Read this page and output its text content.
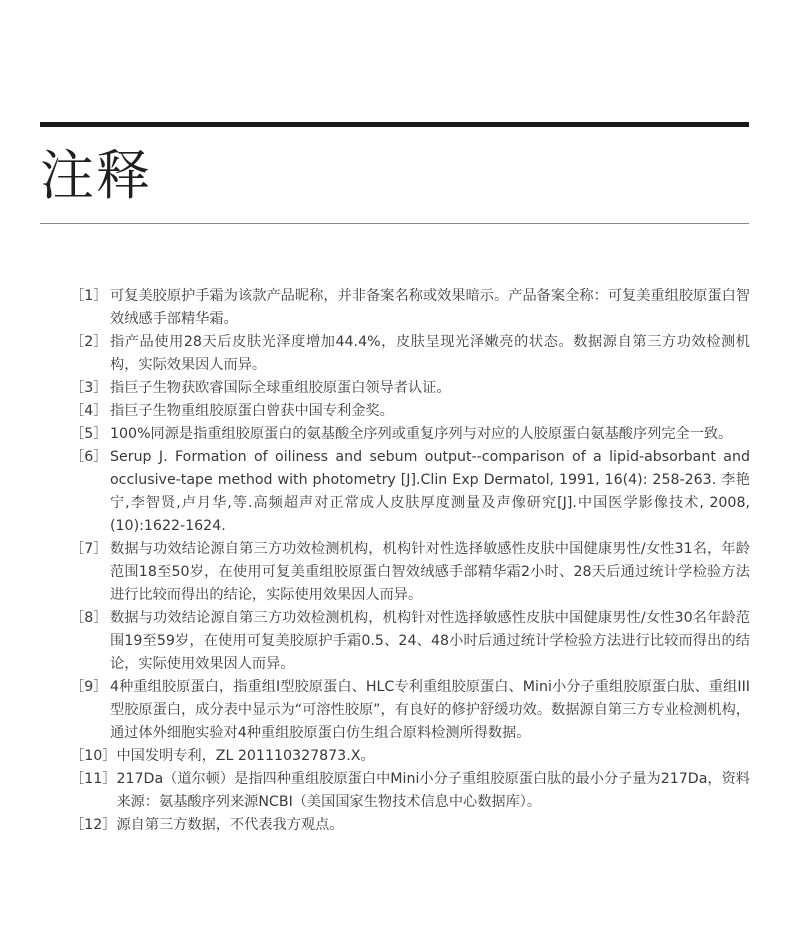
注释
［1］ 可复美胶原护手霜为该款产品昵称，并非备案名称或效果暗示。产品备案全称：可复美重组胶原蛋白智效绒感手部精华霜。
［2］ 指产品使用28天后皮肤光泽度增加44.4%，皮肤呈现光泽嫩亮的状态。数据源自第三方功效检测机构，实际效果因人而异。
［3］ 指巨子生物获欧睿国际全球重组胶原蛋白领导者认证。
［4］ 指巨子生物重组胶原蛋白曾获中国专利金奖。
［5］ 100%同源是指重组胶原蛋白的氨基酸全序列或重复序列与对应的人胶原蛋白氨基酸序列完全一致。
［6］ Serup J. Formation of oiliness and sebum output--comparison of a lipid-absorbant and occlusive-tape method with photometry [J].Clin Exp Dermatol, 1991, 16(4): 258-263. 李艳宁,李智贤,卢月华,等.高频超声对正常成人皮肤厚度测量及声像研究[J].中国医学影像技术, 2008,(10):1622-1624.
［7］ 数据与功效结论源自第三方功效检测机构，机构针对性选择敏感性皮肤中国健康男性/女性31名，年龄范围18至50岁，在使用可复美重组胶原蛋白智效绒感手部精华霜2小时、28天后通过统计学检验方法进行比较而得出的结论，实际使用效果因人而异。
［8］ 数据与功效结论源自第三方功效检测机构，机构针对性选择敏感性皮肤中国健康男性/女性30名年龄范围19至59岁，在使用可复美胶原护手霜0.5、24、48小时后通过统计学检验方法进行比较而得出的结论，实际使用效果因人而异。
［9］ 4种重组胶原蛋白，指重组I型胶原蛋白、HLC专利重组胶原蛋白、Mini小分子重组胶原蛋白肽、重组III型胶原蛋白，成分表中显示为“可溶性胶原”，有良好的修护舒缓功效。数据源自第三方专业检测机构，通过体外细胞实验对4种重组胶原蛋白仿生组合原料检测所得数据。
［10］ 中国发明专利，ZL 201110327873.X。
［11］ 217Da（道尔顿）是指四种重组胶原蛋白中Mini小分子重组胶原蛋白肽的最小分子量为217Da，资料来源：氨基酸序列来源NCBI（美国国家生物技术信息中心数据库）。
［12］ 源自第三方数据，不代表我方观点。
